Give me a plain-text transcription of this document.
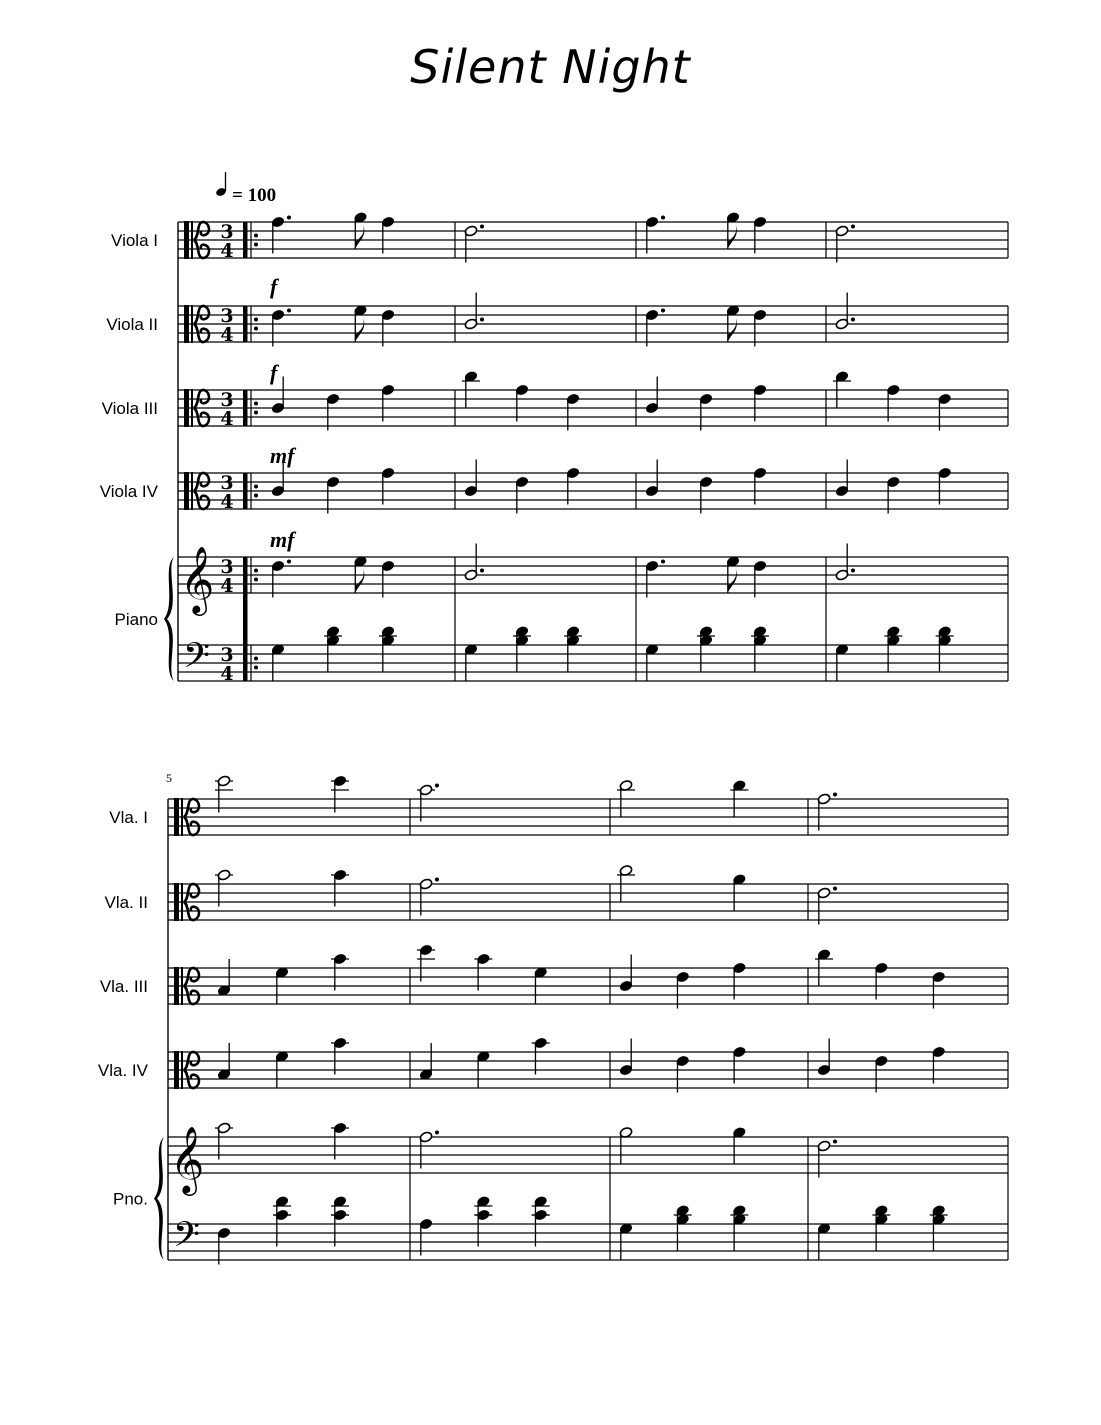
Silent Night
Viola I
Viola II
Viola III
Viola IV
Piano
𝄞
𝄢
Vla. I
Vla. II
Vla. III
Vla. IV
Pno.
𝄞
𝄢
3
4
3
4
3
4
3
4
3
4
3
4
= 100
f
f
mf
mf
5
